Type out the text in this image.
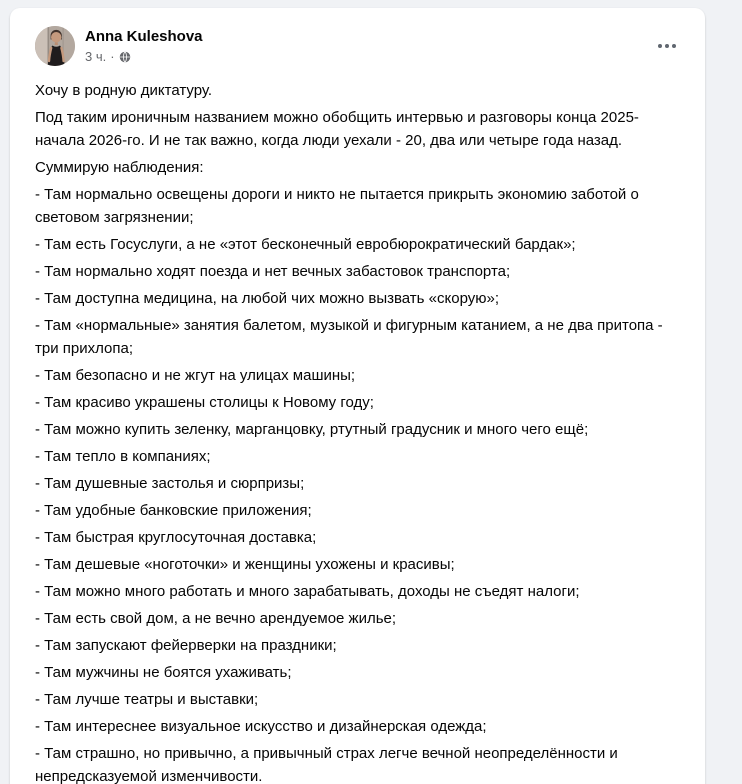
Anna Kuleshova
3 ч. ·

Хочу в родную диктатуру.

Под таким ироничным названием можно обобщить интервью и разговоры конца 2025-начала 2026-го. И не так важно, когда люди уехали - 20, два или четыре года назад.

Суммирую наблюдения:

- Там нормально освещены дороги и никто не пытается прикрыть экономию заботой о световом загрязнении;

- Там есть Госуслуги, а не «этот бесконечный евробюрократический бардак»;

- Там нормально ходят поезда и нет вечных забастовок транспорта;

- Там доступна медицина, на любой чих можно вызвать «скорую»;

- Там «нормальные» занятия балетом, музыкой и фигурным катанием, а не два притопа - три прихлопа;

- Там безопасно и не жгут на улицах машины;

- Там красиво украшены столицы к Новому году;

- Там можно купить зеленку, марганцовку, ртутный градусник и много чего ещё;

- Там тепло в компаниях;

- Там душевные застолья и сюрпризы;

- Там удобные банковские приложения;

- Там быстрая круглосуточная доставка;

- Там дешевые «ноготочки» и женщины ухожены и красивы;

- Там можно много работать и много зарабатывать, доходы не съедят налоги;

- Там есть свой дом, а не вечно арендуемое жилье;

- Там запускают фейерверки на праздники;

- Там мужчины не боятся ухаживать;

- Там лучше театры и выставки;

- Там интереснее визуальное искусство и дизайнерская одежда;

- Там страшно, но привычно, а привычный страх легче вечной неопределённости и непредсказуемой изменчивости.
